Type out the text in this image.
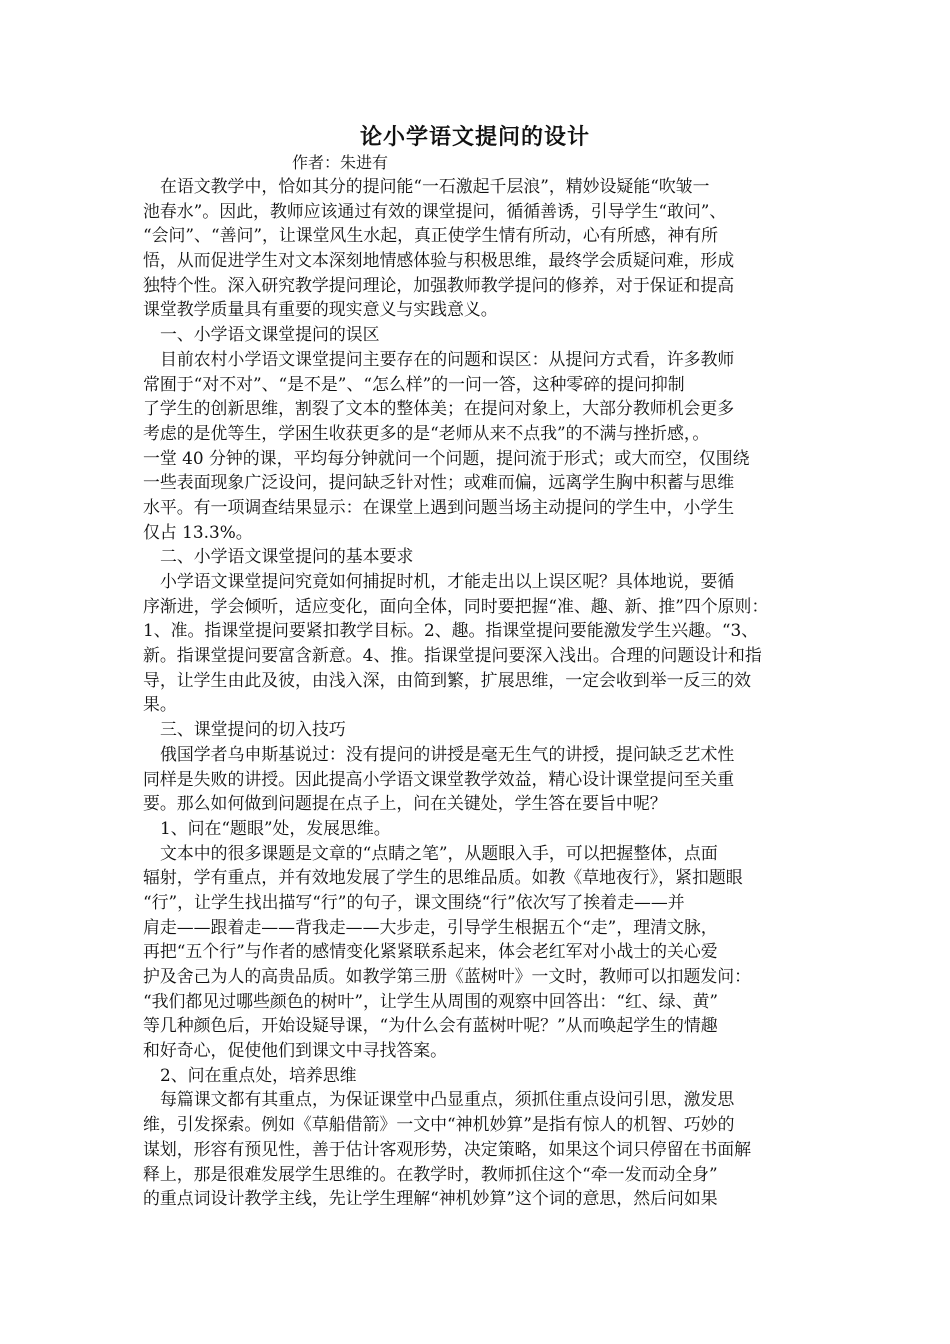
论小学语文提问的设计
作者：朱进有
在语文教学中，恰如其分的提问能“一石激起千层浪”，精妙设疑能“吹皱一
池春水”。因此，教师应该通过有效的课堂提问，循循善诱，引导学生“敢问”、
“会问”、“善问”，让课堂风生水起，真正使学生情有所动，心有所感，神有所
悟，从而促进学生对文本深刻地情感体验与积极思维，最终学会质疑问难，形成
独特个性。深入研究教学提问理论，加强教师教学提问的修养，对于保证和提高
课堂教学质量具有重要的现实意义与实践意义。
一、小学语文课堂提问的误区
目前农村小学语文课堂提问主要存在的问题和误区：从提问方式看，许多教师
常囿于“对不对”、“是不是”、“怎么样”的一问一答，这种零碎的提问抑制
了学生的创新思维，割裂了文本的整体美；在提问对象上，大部分教师机会更多
考虑的是优等生，学困生收获更多的是“老师从来不点我”的不满与挫折感，。
一堂 40 分钟的课，平均每分钟就问一个问题，提问流于形式；或大而空，仅围绕
一些表面现象广泛设问，提问缺乏针对性；或难而偏，远离学生胸中积蓄与思维
水平。有一项调查结果显示：在课堂上遇到问题当场主动提问的学生中，小学生
仅占 13.3%。
二、小学语文课堂提问的基本要求
小学语文课堂提问究竟如何捕捉时机，才能走出以上误区呢？具体地说，要循
序渐进，学会倾听，适应变化，面向全体，同时要把握“准、趣、新、推”四个原则：
1、准。指课堂提问要紧扣教学目标。2、趣。指课堂提问要能激发学生兴趣。“3、
新。指课堂提问要富含新意。4、推。指课堂提问要深入浅出。合理的问题设计和指
导，让学生由此及彼，由浅入深，由简到繁，扩展思维，一定会收到举一反三的效
果。
三、课堂提问的切入技巧
俄国学者乌申斯基说过：没有提问的讲授是毫无生气的讲授，提问缺乏艺术性
同样是失败的讲授。因此提高小学语文课堂教学效益，精心设计课堂提问至关重
要。那么如何做到问题提在点子上，问在关键处，学生答在要旨中呢？
1、问在“题眼”处，发展思维。
文本中的很多课题是文章的“点睛之笔”，从题眼入手，可以把握整体，点面
辐射，学有重点，并有效地发展了学生的思维品质。如教《草地夜行》，紧扣题眼
“行”，让学生找出描写“行”的句子，课文围绕“行”依次写了挨着走——并
肩走——跟着走——背我走——大步走，引导学生根据五个“走”，理清文脉，
再把“五个行”与作者的感情变化紧紧联系起来，体会老红军对小战士的关心爱
护及舍己为人的高贵品质。如教学第三册《蓝树叶》一文时，教师可以扣题发问：
“我们都见过哪些颜色的树叶”，让学生从周围的观察中回答出：“红、绿、黄”
等几种颜色后，开始设疑导课，“为什么会有蓝树叶呢？”从而唤起学生的情趣
和好奇心，促使他们到课文中寻找答案。
2、问在重点处，培养思维
每篇课文都有其重点，为保证课堂中凸显重点，须抓住重点设问引思，激发思
维，引发探索。例如《草船借箭》一文中“神机妙算”是指有惊人的机智、巧妙的
谋划，形容有预见性，善于估计客观形势，决定策略，如果这个词只停留在书面解
释上，那是很难发展学生思维的。在教学时，教师抓住这个“牵一发而动全身”
的重点词设计教学主线，先让学生理解“神机妙算”这个词的意思，然后问如果
